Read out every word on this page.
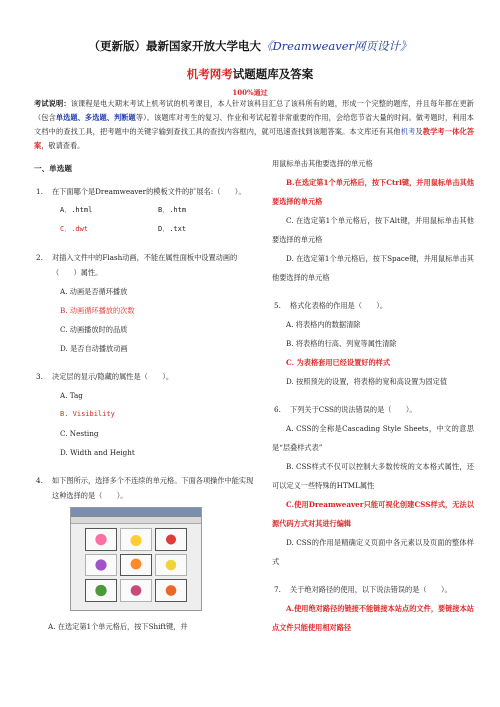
（更新版）最新国家开放大学电大《Dreamweaver网页设计》
机考网考试题题库及答案
100%通过
考试说明：该课程是电大期末考试上机考试的机考课目，本人针对该科目汇总了该科所有的题，形成一个完整的题库，并且每年都在更新（包含单选题、多选题、判断题等）。该题库对考生的复习、作业和考试起着非常重要的作用，会给您节省大量的时间。做考题时，利用本文档中的查找工具，把考题中的关键字输到查找工具的查找内容框内，就可迅速查找到该题答案。本文库还有其他机考及教学考一体化答案，敬请查看。
一、单选题
1.	在下面哪个是Dreamweaver的模板文件的扩展名:（　　）。
A．.html	B．.htm
C．.dwt	D．.txt
2.	对插入文件中的Flash动画，不能在属性面板中设置动画的（　　）属性。
A. 动画是否循环播放
B. 动画循环播放的次数
C. 动画播放时的品质
D. 是否自动播放动画
3.	决定层的显示/隐藏的属性是（　　）。
A. Tag
B. Visibility
C. Nesting
D. Width and Height
4.	如下图所示，选择多个不连续的单元格。下面各项操作中能实现这种选择的是（　　）。
A. 在选定第1个单元格后，按下Shift键，并
用鼠标单击其他要选择的单元格
B.在选定第1个单元格后，按下Ctrl键，并用鼠标单击其他要选择的单元格
C. 在选定第1个单元格后，按下Alt键，并用鼠标单击其他要选择的单元格
D. 在选定第1个单元格后，按下Space键，并用鼠标单击其他要选择的单元格
5.	格式化表格的作用是（　　）。
A. 将表格内的数据清除
B. 将表格的行高、列宽等属性清除
C. 为表格套用已经设置好的样式
D. 按照预先的设置，将表格的宽和高设置为固定值
6.	下列关于CSS的说法错误的是（　　）。
A. CSS的全称是Cascading Style Sheets，中文的意思是“层叠样式表”
B. CSS样式不仅可以控制大多数传统的文本格式属性，还可以定义一些特殊的HTML属性
C.使用Dreamweaver只能可视化创建CSS样式，无法以源代码方式对其进行编辑
D. CSS的作用是精确定义页面中各元素以及页面的整体样式
7.	关于绝对路径的使用，以下说法错误的是（　　）。
A.使用绝对路径的链接不能链接本站点的文件，要链接本站点文件只能使用相对路径
